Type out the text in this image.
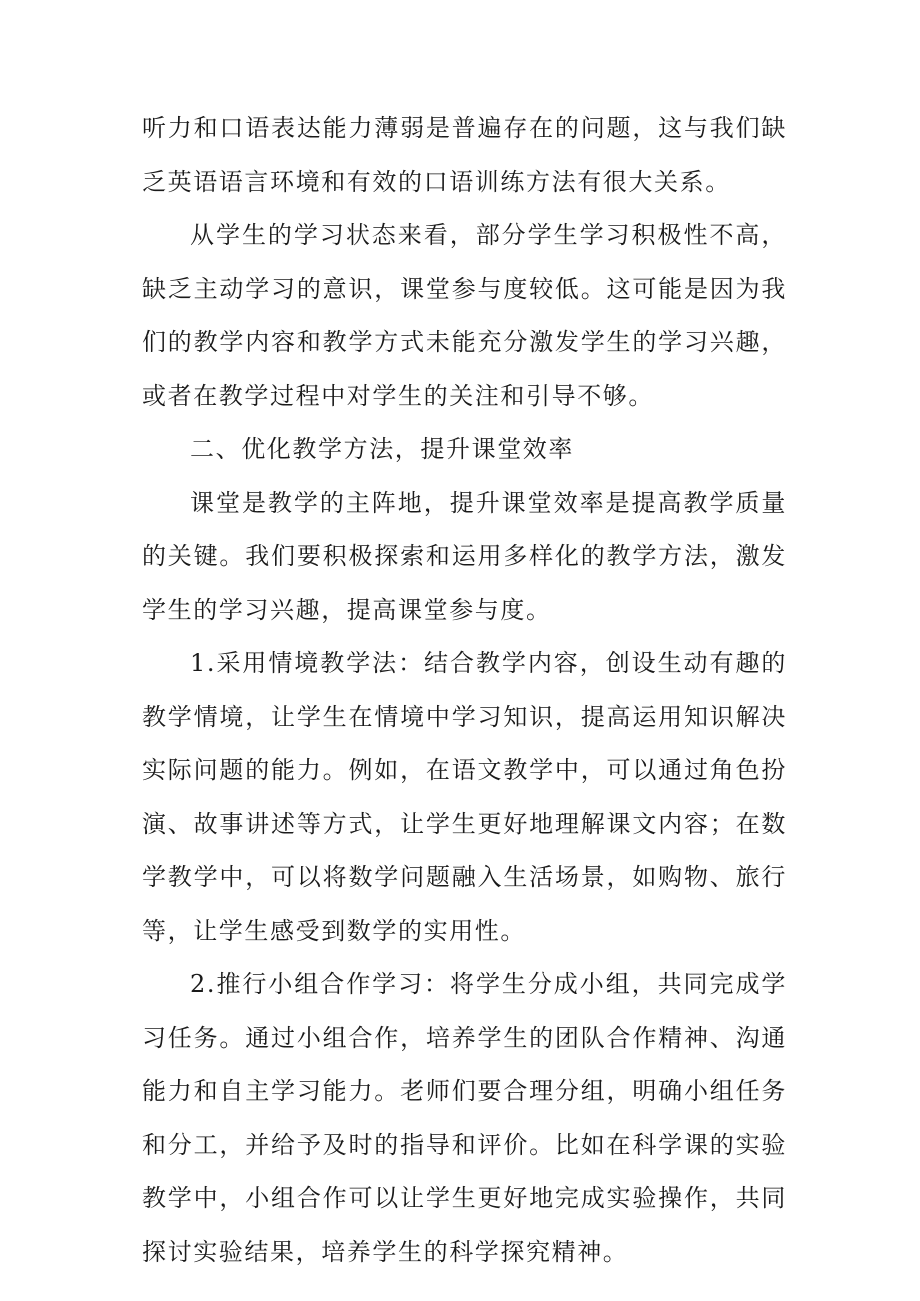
听力和口语表达能力薄弱是普遍存在的问题，这与我们缺乏英语语言环境和有效的口语训练方法有很大关系。

从学生的学习状态来看，部分学生学习积极性不高，缺乏主动学习的意识，课堂参与度较低。这可能是因为我们的教学内容和教学方式未能充分激发学生的学习兴趣，或者在教学过程中对学生的关注和引导不够。

二、优化教学方法，提升课堂效率

课堂是教学的主阵地，提升课堂效率是提高教学质量的关键。我们要积极探索和运用多样化的教学方法，激发学生的学习兴趣，提高课堂参与度。

1.采用情境教学法：结合教学内容，创设生动有趣的教学情境，让学生在情境中学习知识，提高运用知识解决实际问题的能力。例如，在语文教学中，可以通过角色扮演、故事讲述等方式，让学生更好地理解课文内容；在数学教学中，可以将数学问题融入生活场景，如购物、旅行等，让学生感受到数学的实用性。

2.推行小组合作学习：将学生分成小组，共同完成学习任务。通过小组合作，培养学生的团队合作精神、沟通能力和自主学习能力。老师们要合理分组，明确小组任务和分工，并给予及时的指导和评价。比如在科学课的实验教学中，小组合作可以让学生更好地完成实验操作，共同探讨实验结果，培养学生的科学探究精神。
